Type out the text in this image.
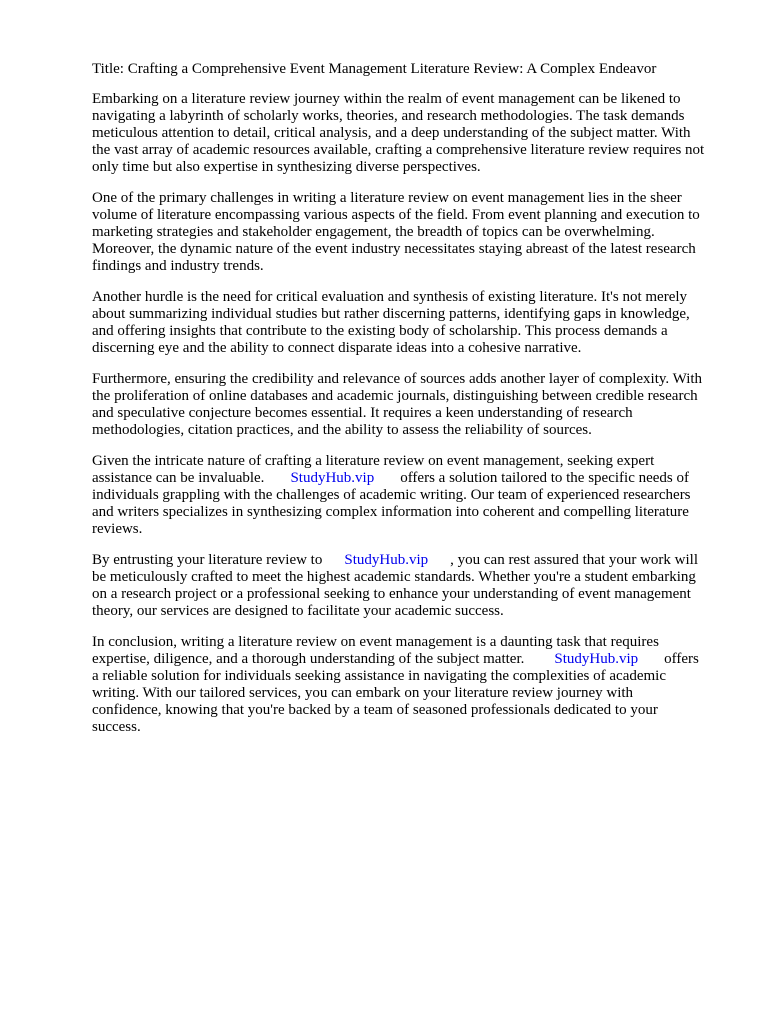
Title: Crafting a Comprehensive Event Management Literature Review: A Complex Endeavor

Embarking on a literature review journey within the realm of event management can be likened to
navigating a labyrinth of scholarly works, theories, and research methodologies. The task demands
meticulous attention to detail, critical analysis, and a deep understanding of the subject matter. With
the vast array of academic resources available, crafting a comprehensive literature review requires not
only time but also expertise in synthesizing diverse perspectives.

One of the primary challenges in writing a literature review on event management lies in the sheer
volume of literature encompassing various aspects of the field. From event planning and execution to
marketing strategies and stakeholder engagement, the breadth of topics can be overwhelming.
Moreover, the dynamic nature of the event industry necessitates staying abreast of the latest research
findings and industry trends.

Another hurdle is the need for critical evaluation and synthesis of existing literature. It's not merely
about summarizing individual studies but rather discerning patterns, identifying gaps in knowledge,
and offering insights that contribute to the existing body of scholarship. This process demands a
discerning eye and the ability to connect disparate ideas into a cohesive narrative.

Furthermore, ensuring the credibility and relevance of sources adds another layer of complexity. With
the proliferation of online databases and academic journals, distinguishing between credible research
and speculative conjecture becomes essential. It requires a keen understanding of research
methodologies, citation practices, and the ability to assess the reliability of sources.

Given the intricate nature of crafting a literature review on event management, seeking expert
assistance can be invaluable. StudyHub.vip offers a solution tailored to the specific needs of
individuals grappling with the challenges of academic writing. Our team of experienced researchers
and writers specializes in synthesizing complex information into coherent and compelling literature
reviews.

By entrusting your literature review to StudyHub.vip , you can rest assured that your work will
be meticulously crafted to meet the highest academic standards. Whether you're a student embarking
on a research project or a professional seeking to enhance your understanding of event management
theory, our services are designed to facilitate your academic success.

In conclusion, writing a literature review on event management is a daunting task that requires
expertise, diligence, and a thorough understanding of the subject matter. StudyHub.vip offers
a reliable solution for individuals seeking assistance in navigating the complexities of academic
writing. With our tailored services, you can embark on your literature review journey with
confidence, knowing that you're backed by a team of seasoned professionals dedicated to your
success.
